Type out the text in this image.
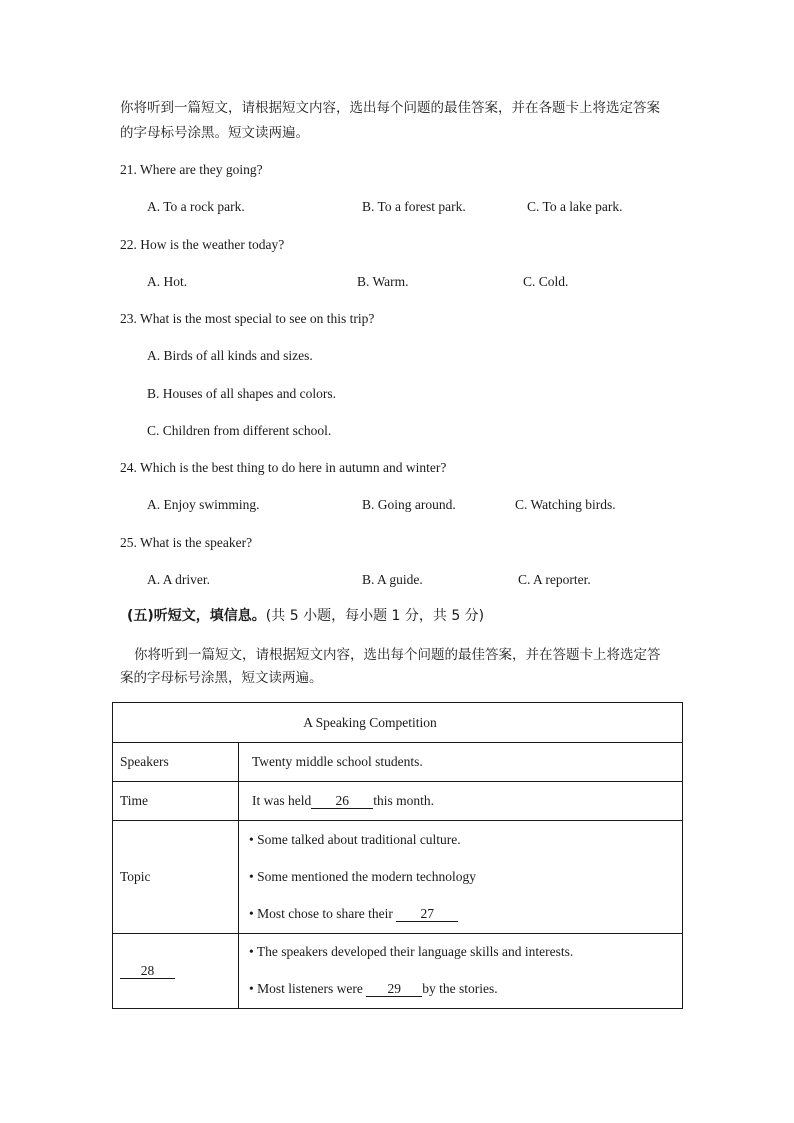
你将听到一篇短文，请根据短文内容，选出每个问题的最佳答案，并在各题卡上将选定答案
的字母标号涂黑。短文读两遍。
21. Where are they going?
A. To a rock park.	B. To a forest park.	C. To a lake park.
22. How is the weather today?
A. Hot.	B. Warm.	C. Cold.
23. What is the most special to see on this trip?
A. Birds of all kinds and sizes.
B. Houses of all shapes and colors.
C. Children from different school.
24. Which is the best thing to do here in autumn and winter?
A. Enjoy swimming.	B. Going around.	C. Watching birds.
25. What is the speaker?
A. A driver.	B. A guide.	C. A reporter.
(五)听短文，填信息。(共 5 小题，每小题 1 分，共 5 分)
你将听到一篇短文，请根据短文内容，选出每个问题的最佳答案，并在答题卡上将选定答
案的字母标号涂黑，短文读两遍。
A Speaking Competition	
Speakers	Twenty middle school students.
Time	It was held 26 this month.
Topic	• Some talked about traditional culture.
• Some mentioned the modern technology
• Most chose to share their 27

28	• The speakers developed their language skills and interests.
• Most listeners were 29 by the stories.
